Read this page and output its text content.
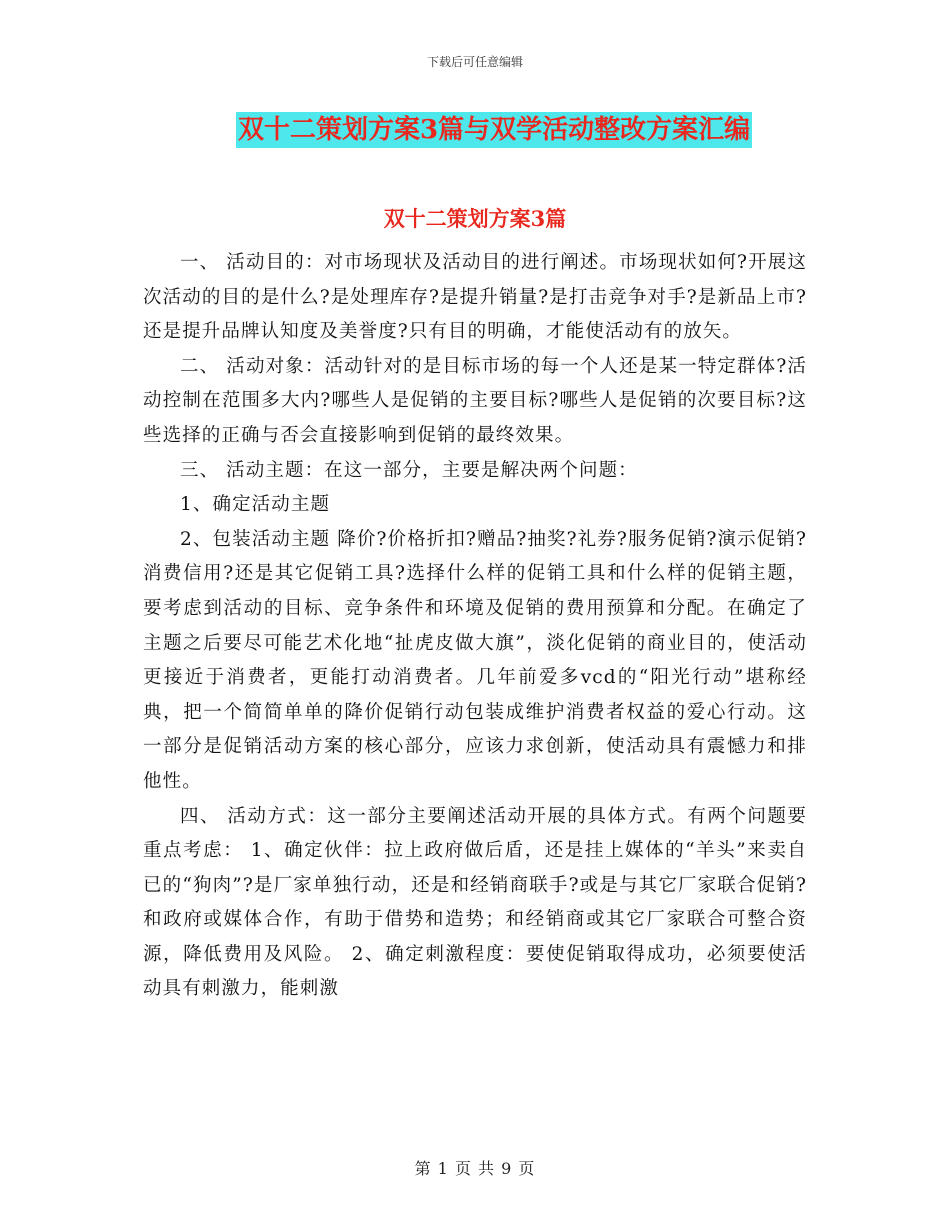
下载后可任意编辑
双十二策划方案3篇与双学活动整改方案汇编
双十二策划方案3篇

一、 活动目的：对市场现状及活动目的进行阐述。市场现状如何?开展这次活动的目的是什么?是处理库存?是提升销量?是打击竞争对手?是新品上市?还是提升品牌认知度及美誉度?只有目的明确，才能使活动有的放矢。

二、 活动对象：活动针对的是目标市场的每一个人还是某一特定群体?活动控制在范围多大内?哪些人是促销的主要目标?哪些人是促销的次要目标?这些选择的正确与否会直接影响到促销的最终效果。

三、 活动主题：在这一部分，主要是解决两个问题：

1、确定活动主题

2、包装活动主题 降价?价格折扣?赠品?抽奖?礼券?服务促销?演示促销?消费信用?还是其它促销工具?选择什么样的促销工具和什么样的促销主题，要考虑到活动的目标、竞争条件和环境及促销的费用预算和分配。在确定了主题之后要尽可能艺术化地“扯虎皮做大旗”，淡化促销的商业目的，使活动更接近于消费者，更能打动消费者。几年前爱多vcd的“阳光行动”堪称经典，把一个简简单单的降价促销行动包装成维护消费者权益的爱心行动。这一部分是促销活动方案的核心部分，应该力求创新，使活动具有震憾力和排他性。

四、 活动方式：这一部分主要阐述活动开展的具体方式。有两个问题要重点考虑： 1、确定伙伴：拉上政府做后盾，还是挂上媒体的“羊头”来卖自已的“狗肉”?是厂家单独行动，还是和经销商联手?或是与其它厂家联合促销?和政府或媒体合作，有助于借势和造势；和经销商或其它厂家联合可整合资源，降低费用及风险。 2、确定刺激程度：要使促销取得成功，必须要使活动具有刺激力，能刺激

第 1 页 共 9 页
